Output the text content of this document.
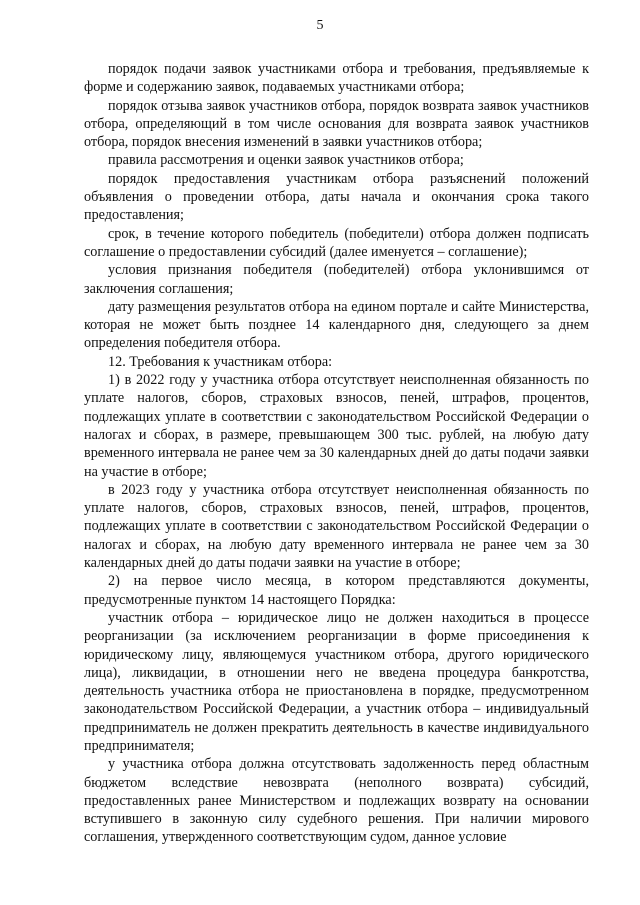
5

порядок подачи заявок участниками отбора и требования, предъявляемые к форме и содержанию заявок, подаваемых участниками отбора;

порядок отзыва заявок участников отбора, порядок возврата заявок участников отбора, определяющий в том числе основания для возврата заявок участников отбора, порядок внесения изменений в заявки участников отбора;

правила рассмотрения и оценки заявок участников отбора;

порядок предоставления участникам отбора разъяснений положений объявления о проведении отбора, даты начала и окончания срока такого предоставления;

срок, в течение которого победитель (победители) отбора должен подписать соглашение о предоставлении субсидий (далее именуется – соглашение);

условия признания победителя (победителей) отбора уклонившимся от заключения соглашения;

дату размещения результатов отбора на едином портале и сайте Министерства, которая не может быть позднее 14 календарного дня, следующего за днем определения победителя отбора.

12. Требования к участникам отбора:

1) в 2022 году у участника отбора отсутствует неисполненная обязанность по уплате налогов, сборов, страховых взносов, пеней, штрафов, процентов, подлежащих уплате в соответствии с законодательством Российской Федерации о налогах и сборах, в размере, превышающем 300 тыс. рублей, на любую дату временного интервала не ранее чем за 30 календарных дней до даты подачи заявки на участие в отборе;

в 2023 году у участника отбора отсутствует неисполненная обязанность по уплате налогов, сборов, страховых взносов, пеней, штрафов, процентов, подлежащих уплате в соответствии с законодательством Российской Федерации о налогах и сборах, на любую дату временного интервала не ранее чем за 30 календарных дней до даты подачи заявки на участие в отборе;

2) на первое число месяца, в котором представляются документы, предусмотренные пунктом 14 настоящего Порядка:

участник отбора – юридическое лицо не должен находиться в процессе реорганизации (за исключением реорганизации в форме присоединения к юридическому лицу, являющемуся участником отбора, другого юридического лица), ликвидации, в отношении него не введена процедура банкротства, деятельность участника отбора не приостановлена в порядке, предусмотренном законодательством Российской Федерации, а участник отбора – индивидуальный предприниматель не должен прекратить деятельность в качестве индивидуального предпринимателя;

у участника отбора должна отсутствовать задолженность перед областным бюджетом вследствие невозврата (неполного возврата) субсидий, предоставленных ранее Министерством и подлежащих возврату на основании вступившего в законную силу судебного решения. При наличии мирового соглашения, утвержденного соответствующим судом, данное условие
